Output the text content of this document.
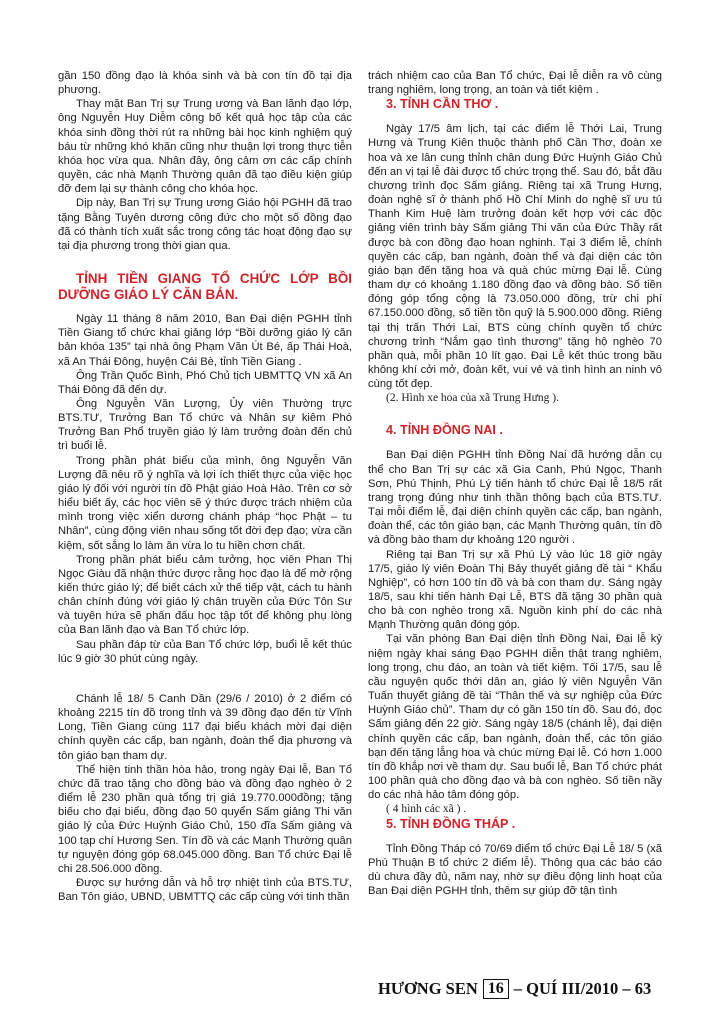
gần 150 đồng đạo là khóa sinh và bà con tín đồ tại địa phương.

Thay mặt Ban Trị sự Trung ương và Ban lãnh đạo lớp, ông Nguyễn Huy Diễm công bố kết quả học tập của các khóa sinh đồng thời rút ra những bài học kinh nghiệm quý báu từ những khó khăn cũng như thuận lợi trong thực tiễn khóa học vừa qua. Nhân đây, ông cảm ơn các cấp chính quyền, các nhà Mạnh Thường quân đã tạo điều kiện giúp đỡ đem lại sự thành công cho khóa học.

Dịp này, Ban Trị sự Trung ương Giáo hội PGHH đã trao tặng Bằng Tuyên dương công đức cho một số đồng đạo đã có thành tích xuất sắc trong công tác hoạt động đạo sự tại địa phương trong thời gian qua.

TỈNH TIỀN GIANG TỔ CHỨC LỚP BỒI DƯỠNG GIÁO LÝ CĂN BẢN.

Ngày 11 tháng 8 năm 2010, Ban Đại diện PGHH tỉnh Tiền Giang tổ chức khai giảng lớp “Bồi dưỡng giáo lý căn bản khóa 135” tại nhà ông Phạm Văn Út Bé, ấp Thái Hoà, xã An Thái Đông, huyện Cái Bè, tỉnh Tiền Giang .

Ông Trần Quốc Bình, Phó Chủ tịch UBMTTQ VN xã An Thái Đông đã đến dự.

Ông Nguyễn Văn Lượng, Ủy viên Thường trực BTS.TƯ, Trưởng Ban Tổ chức và Nhân sự kiêm Phó Trưởng Ban Phổ truyền giáo lý làm trưởng đoàn đến chủ trì buổi lễ.

Trong phần phát biểu của mình, ông Nguyễn Văn Lượng đã nêu rõ ý nghĩa và lợi ích thiết thực của việc học giáo lý đối với người tín đồ Phật giáo Hoà Hảo. Trên cơ sở hiểu biết ấy, các học viên sẽ ý thức được trách nhiệm của mình trong việc xiển dương chánh pháp “học Phật – tu Nhân”, cùng động viên nhau sống tốt đời đẹp đạo; vừa cần kiệm, sốt sắng lo làm ăn vừa lo tu hiền chơn chất.

Trong phần phát biểu cảm tưởng, học viên Phan Thị Ngọc Giàu đã nhận thức được rằng học đạo là để mở rộng kiến thức giáo lý; để biết cách xử thế tiếp vật, cách tu hành chân chính đúng với giáo lý chân truyền của Đức Tôn Sư và tuyên hứa sẽ phấn đấu học tập tốt để không phụ lòng của Ban lãnh đạo và Ban Tổ chức lớp.

Sau phần đáp từ của Ban Tổ chức lớp, buổi lễ kết thúc lúc 9 giờ 30 phút cùng ngày.

Chánh lễ 18/ 5 Canh Dần (29/6 / 2010) ở 2 điểm có khoảng 2215 tín đồ trong tỉnh và 39 đồng đạo đến từ Vĩnh Long, Tiền Giang cùng 117 đại biểu khách mời đại diện chính quyền các cấp, ban ngành, đoàn thể địa phương và tôn giáo bạn tham dự.

Thể hiện tinh thần hòa hảo, trong ngày Đại lễ, Ban Tổ chức đã trao tặng cho đồng bào và đồng đạo nghèo ở 2 điểm lễ 230 phần quà tổng trị giá 19.770.000đồng; tặng biếu cho đại biểu, đồng đạo 50 quyển Sấm giảng Thi văn giáo lý của Đức Huỳnh Giáo Chủ, 150 đĩa Sấm giảng và 100 tạp chí Hương Sen. Tín đồ và các Mạnh Thường quân tự nguyện đóng góp 68.045.000 đồng. Ban Tổ chức Đại lễ chi 28.506.000 đồng.

Được sự hướng dẫn và hỗ trợ nhiệt tình của BTS.TƯ, Ban Tôn giáo, UBND, UBMTTQ các cấp cùng với tinh thần

trách nhiệm cao của Ban Tổ chức, Đại lễ diễn ra vô cùng trang nghiêm, long trọng, an toàn và tiết kiệm .

3. TỈNH CẦN THƠ .

Ngày 17/5 âm lịch, tại các điểm lễ Thới Lai, Trung Hưng và Trung Kiên thuộc thành phố Cần Thơ, đoàn xe hoa và xe lân cung thỉnh chân dung Đức Huỳnh Giáo Chủ đến an vị tại lễ đài được tổ chức trọng thể. Sau đó, bắt đầu chương trình đọc Sấm giảng. Riêng tại xã Trung Hưng, đoàn nghệ sĩ ở thành phố Hồ Chí Minh do nghệ sĩ ưu tú Thanh Kim Huệ làm trưởng đoàn kết hợp với các độc giảng viên trình bày Sấm giảng Thi văn của Đức Thầy rất được bà con đồng đạo hoan nghinh. Tại 3 điểm lễ, chính quyền các cấp, ban ngành, đoàn thể và đại diện các tôn giáo bạn đến tặng hoa và quà chúc mừng Đại lễ. Cùng tham dự có khoảng 1.180 đồng đạo và đồng bào. Số tiền đóng góp tổng cộng là 73.050.000 đồng, trừ chi phí 67.150.000 đồng, số tiền tồn quỹ là 5.900.000 đồng. Riêng tại thị trấn Thới Lai, BTS cùng chính quyền tổ chức chương trình “Nắm gạo tình thương” tặng hộ nghèo 70 phần quà, mỗi phần 10 lít gạo. Đại Lễ kết thúc trong bầu không khí cởi mở, đoàn kết, vui vẻ và tình hình an ninh vô cùng tốt đẹp.

(2. Hình xe hoa của xã Trung Hưng ).

4. TỈNH ĐỒNG NAI .

Ban Đại diện PGHH tỉnh Đồng Nai đã hướng dẫn cụ thể cho Ban Trị sự các xã Gia Canh, Phú Ngọc, Thanh Sơn, Phú Thịnh, Phú Lý tiến hành tổ chức Đại lễ 18/5 rất trang trọng đúng như tinh thần thông bạch của BTS.TƯ. Tại mỗi điểm lễ, đại diện chính quyền các cấp, ban ngành, đoàn thể, các tôn giáo bạn, các Mạnh Thường quân, tín đồ và đồng bào tham dự khoảng 120 người .

Riêng tại Ban Trị sự xã Phú Lý vào lúc 18 giờ ngày 17/5, giáo lý viên Đoàn Thị Bảy thuyết giảng đề tài “ Khẩu Nghiệp”, có hơn 100 tín đồ và bà con tham dự. Sáng ngày 18/5, sau khi tiến hành Đại Lễ, BTS đã tặng 30 phần quà cho bà con nghèo trong xã. Nguồn kinh phí do các nhà Mạnh Thường quân đóng góp.

Tại văn phòng Ban Đại diện tỉnh Đồng Nai, Đại lễ kỷ niệm ngày khai sáng Đạo PGHH diễn thật trang nghiêm, long trọng, chu đáo, an toàn và tiết kiệm. Tối 17/5, sau lễ cầu nguyện quốc thới dân an, giáo lý viên Nguyễn Văn Tuấn thuyết giảng đề tài “Thân thế và sự nghiệp của Đức Huỳnh Giáo chủ”. Tham dự có gần 150 tín đồ. Sau đó, đọc Sấm giảng đến 22 giờ. Sáng ngày 18/5 (chánh lễ), đại diện chính quyền các cấp, ban ngành, đoàn thể, các tôn giáo bạn đến tặng lẵng hoa và chúc mừng Đại lễ. Có hơn 1.000 tín đồ khắp nơi về tham dự. Sau buổi lễ, Ban Tổ chức phát 100 phần quà cho đồng đạo và bà con nghèo. Số tiền nầy do các nhà hảo tâm đóng góp.

( 4 hình các xã ) .

5. TỈNH ĐỒNG THÁP .

Tỉnh Đồng Tháp có 70/69 điểm tổ chức Đại Lễ 18/ 5 (xã Phú Thuận B tổ chức 2 điểm lễ). Thông qua các báo cáo dù chưa đầy đủ, năm nay, nhờ sự điều động linh hoạt của Ban Đại diện PGHH tỉnh, thêm sự giúp đỡ tận tình

HƯƠNG SEN 16 – QUÍ III/2010 – 63
